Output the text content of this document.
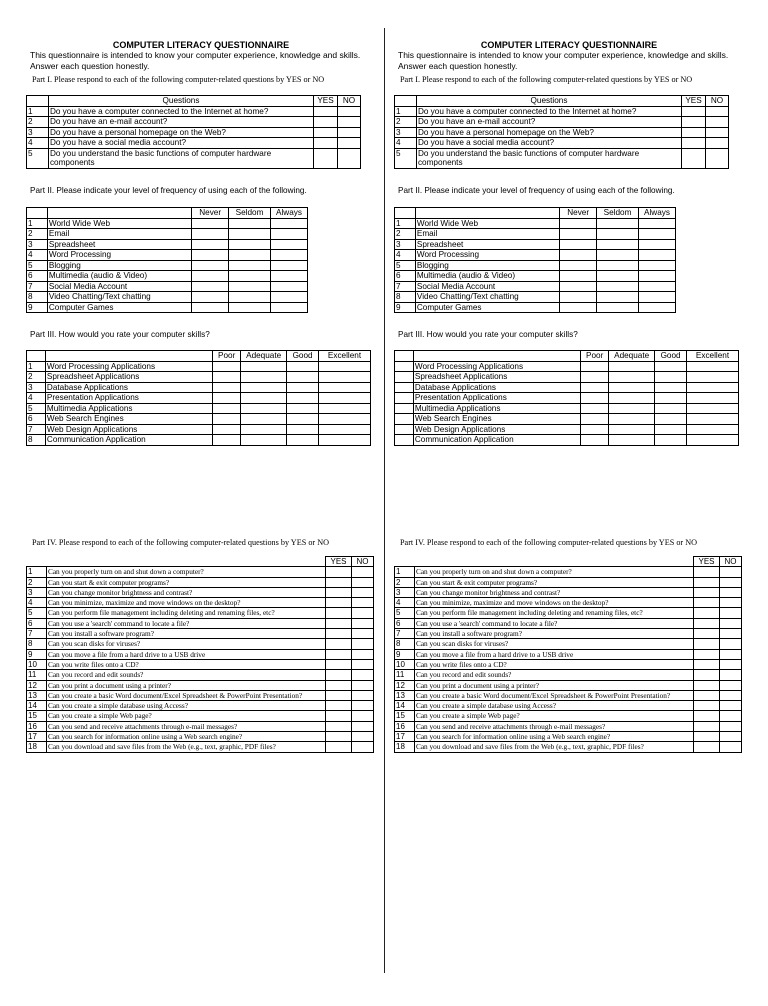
COMPUTER LITERACY QUESTIONNAIRE
This questionnaire is intended to know your computer experience, knowledge and skills. Answer each question honestly.
Part I. Please respond to each of the following computer-related questions by YES or NO
	Questions	YES	NO
1	Do you have a computer connected to the Internet at home?		
2	Do you have an e-mail account?		
3	Do you have a personal homepage on the Web?		
4	Do you have a social media account?		
5	Do you understand the basic functions of computer hardware components		
Part II. Please indicate your level of frequency of using each of the following.
		Never	Seldom	Always
1	World Wide Web			
2	Email			
3	Spreadsheet			
4	Word Processing			
5	Blogging			
6	Multimedia (audio & Video)			
7	Social Media Account			
8	Video Chatting/Text chatting			
9	Computer Games			
Part III. How would you rate your computer skills?
		Poor	Adequate	Good	Excellent
1	Word Processing Applications				
2	Spreadsheet Applications				
3	Database Applications				
4	Presentation Applications				
5	Multimedia Applications				
6	Web Search Engines				
7	Web Design Applications				
8	Communication Application				
Part IV. Please respond to each of the following computer-related questions by YES or NO
		YES	NO
1	Can you properly turn on and shut down a computer?		
2	Can you start & exit computer programs?		
3	Can you change monitor brightness and contrast?		
4	Can you minimize, maximize and move windows on the desktop?		
5	Can you perform file management including deleting and renaming files, etc?		
6	Can you use a 'search' command to locate a file?		
7	Can you install a software program?		
8	Can you scan disks for viruses?		
9	Can you move a file from a hard drive to a USB drive		
10	Can you write files onto a CD?		
11	Can you record and edit sounds?		
12	Can you print a document using a printer?		
13	Can you create a basic Word document/Excel Spreadsheet & PowerPoint Presentation?		
14	Can you create a simple database using Access?		
15	Can you create a simple Web page?		
16	Can you send and receive attachments through e-mail messages?		
17	Can you search for information online using a Web search engine?		
18	Can you download and save files from the Web (e.g., text, graphic, PDF files?		
COMPUTER LITERACY QUESTIONNAIRE
This questionnaire is intended to know your computer experience, knowledge and skills. Answer each question honestly.
Part I. Please respond to each of the following computer-related questions by YES or NO
	Questions	YES	NO
1	Do you have a computer connected to the Internet at home?		
2	Do you have an e-mail account?		
3	Do you have a personal homepage on the Web?		
4	Do you have a social media account?		
5	Do you understand the basic functions of computer hardware components		
Part II. Please indicate your level of frequency of using each of the following.
		Never	Seldom	Always
1	World Wide Web			
2	Email			
3	Spreadsheet			
4	Word Processing			
5	Blogging			
6	Multimedia (audio & Video)			
7	Social Media Account			
8	Video Chatting/Text chatting			
9	Computer Games			
Part III. How would you rate your computer skills?
		Poor	Adequate	Good	Excellent
	Word Processing Applications				
	Spreadsheet Applications				
	Database Applications				
	Presentation Applications				
	Multimedia Applications				
	Web Search Engines				
	Web Design Applications				
	Communication Application				
Part IV. Please respond to each of the following computer-related questions by YES or NO
		YES	NO
1	Can you properly turn on and shut down a computer?		
2	Can you start & exit computer programs?		
3	Can you change monitor brightness and contrast?		
4	Can you minimize, maximize and move windows on the desktop?		
5	Can you perform file management including deleting and renaming files, etc?		
6	Can you use a 'search' command to locate a file?		
7	Can you install a software program?		
8	Can you scan disks for viruses?		
9	Can you move a file from a hard drive to a USB drive		
10	Can you write files onto a CD?		
11	Can you record and edit sounds?		
12	Can you print a document using a printer?		
13	Can you create a basic Word document/Excel Spreadsheet & PowerPoint Presentation?		
14	Can you create a simple database using Access?		
15	Can you create a simple Web page?		
16	Can you send and receive attachments through e-mail messages?		
17	Can you search for information online using a Web search engine?		
18	Can you download and save files from the Web (e.g., text, graphic, PDF files?		
